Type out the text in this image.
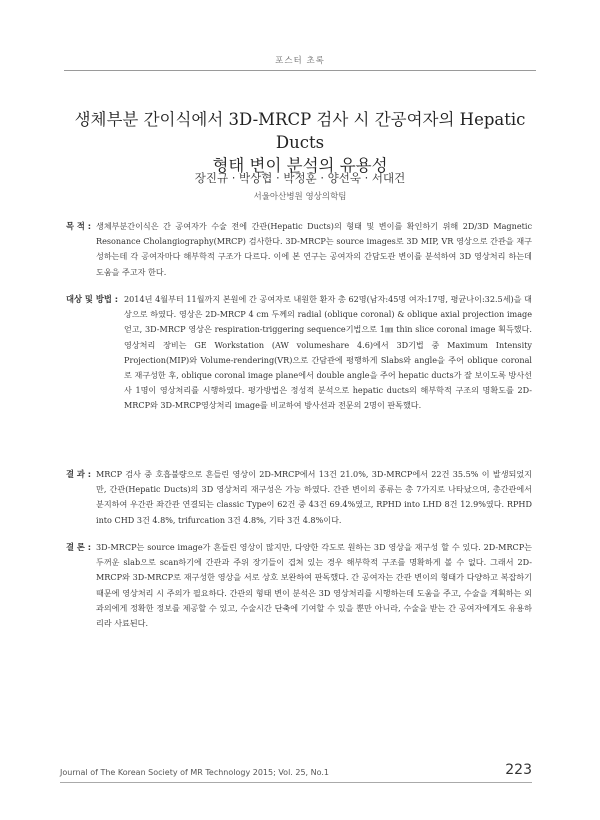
포스터 초록
생체부분 간이식에서 3D-MRCP 검사 시 간공여자의 Hepatic Ducts
형태 변이 분석의 유용성
장진규 · 박상협 · 박정훈 · 양선욱 · 서대건
서울아산병원 영상의학팀
목 적 : 생체부분간이식은 간 공여자가 수술 전에 간관(Hepatic Ducts)의 형태 및 변이를 확인하기 위해 2D/3D Magnetic Resonance Cholangiography(MRCP) 검사한다. 3D-MRCP는 source images로 3D MIP, VR 영상으로 간관을 재구성하는데 각 공여자마다 해부학적 구조가 다르다. 이에 본 연구는 공여자의 간담도관 변이를 분석하여 3D 영상처리 하는데 도움을 주고자 한다.
대상 및 방법 : 2014년 4월부터 11월까지 본원에 간 공여자로 내원한 환자 총 62명(남자:45명 여자:17명, 평균나이:32.5세)을 대상으로 하였다. 영상은 2D-MRCP 4 cm 두께의 radial (oblique coronal) & oblique axial projection image 얻고, 3D-MRCP 영상은 respiration-triggering sequence기법으로 1㎜ thin slice coronal image 획득했다. 영상처리 장비는 GE Workstation (AW volumeshare 4.6)에서 3D기법 중 Maximum Intensity Projection(MIP)와 Volume-rendering(VR)으로 간담관에 평행하게 Slabs와 angle을 주어 oblique coronal로 재구성한 후, oblique coronal image plane에서 double angle을 주어 hepatic ducts가 잘 보이도록 방사선사 1명이 영상처리를 시행하였다. 평가방법은 정성적 분석으로 hepatic ducts의 해부학적 구조의 명확도를 2D-MRCP와 3D-MRCP영상처리 image를 비교하여 방사선과 전문의 2명이 판독했다.
결 과 : MRCP 검사 중 호흡불량으로 흔들린 영상이 2D-MRCP에서 13건 21.0%, 3D-MRCP에서 22건 35.5% 이 발생되었지만, 간관(Hepatic Ducts)의 3D 영상처리 재구성은 가능 하였다. 간관 변이의 종류는 총 7가지로 나타났으며, 총간관에서 분지하여 우간관 좌간관 연결되는 classic Type이 62건 중 43건 69.4%였고, RPHD into LHD 8건 12.9%였다. RPHD into CHD 3건 4.8%, trifurcation 3건 4.8%, 기타 3건 4.8%이다.
결 론 : 3D-MRCP는 source image가 흔들린 영상이 많지만, 다양한 각도로 원하는 3D 영상을 재구성 할 수 있다. 2D-MRCP는 두꺼운 slab으로 scan하기에 간관과 주위 장기들이 겹쳐 있는 경우 해부학적 구조를 명확하게 볼 수 없다. 그래서 2D-MRCP와 3D-MRCP로 재구성한 영상을 서로 상호 보완하여 판독했다. 간 공여자는 간관 변이의 형태가 다양하고 복잡하기 때문에 영상처리 시 주의가 필요하다. 간관의 형태 변이 분석은 3D 영상처리를 시행하는데 도움을 주고, 수술을 계획하는 외과의에게 정확한 정보를 제공할 수 있고, 수술시간 단축에 기여할 수 있을 뿐만 아니라, 수술을 받는 간 공여자에게도 유용하리라 사료된다.
Journal of The Korean Society of MR Technology 2015; Vol. 25, No.1	223
